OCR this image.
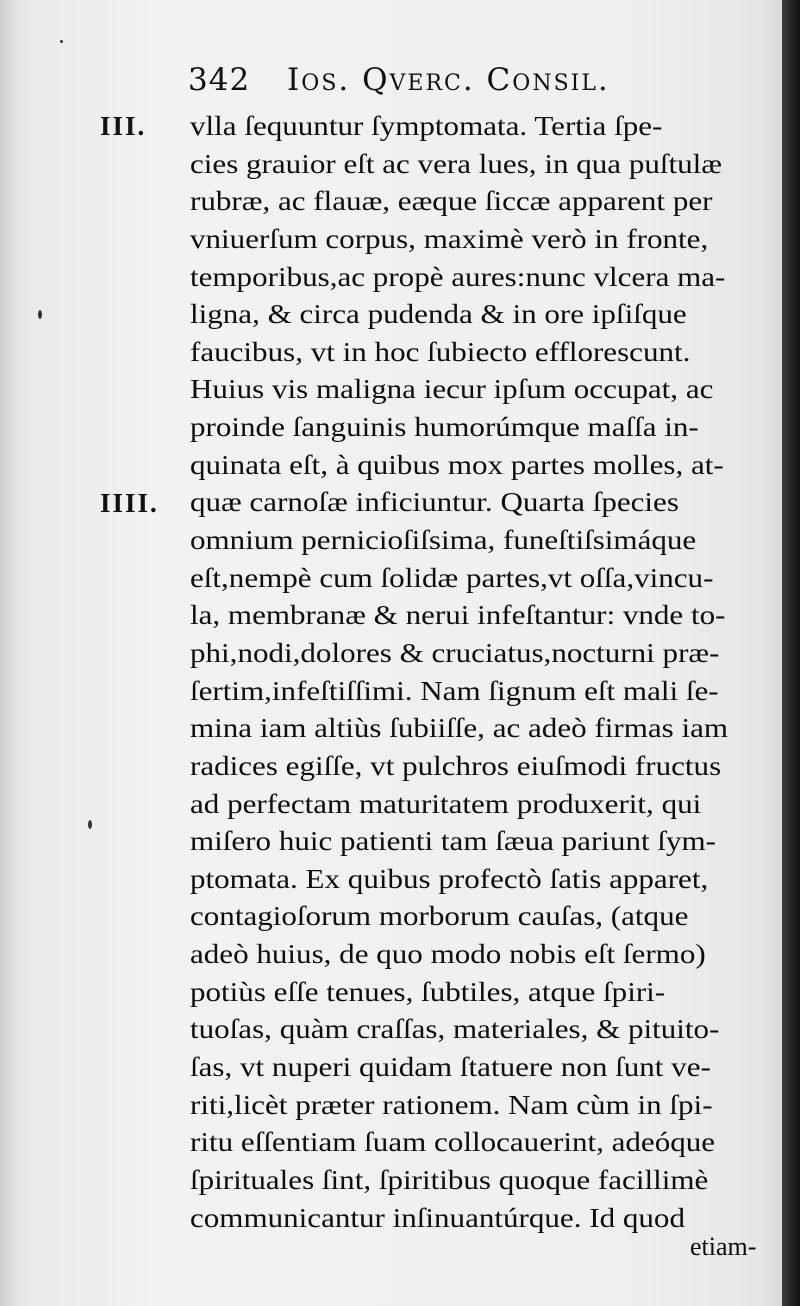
342 Ios. Qverc. Consil.
III.
IIII.
vlla ſequuntur ſymptomata. Tertia ſpe-
cies grauior eſt ac vera lues, in qua puſtulæ
rubræ, ac flauæ, eæque ſiccæ apparent per
vniuerſum corpus, maximè verò in fronte,
temporibus,ac propè aures:nunc vlcera ma-
ligna, & circa pudenda & in ore ipſiſque
faucibus, vt in hoc ſubiecto efflorescunt.
Huius vis maligna iecur ipſum occupat, ac
proinde ſanguinis humorúmque maſſa in-
quinata eſt, à quibus mox partes molles, at-
quæ carnoſæ inficiuntur. Quarta ſpecies
omnium pernicioſiſsima, funeſtiſsimáque
eſt,nempè cum ſolidæ partes,vt oſſa,vincu-
la, membranæ & nerui infeſtantur: vnde to-
phi,nodi,dolores & cruciatus,nocturni præ-
ſertim,infeſtiſſimi. Nam ſignum eſt mali ſe-
mina iam altiùs ſubiiſſe, ac adeò firmas iam
radices egiſſe, vt pulchros eiuſmodi fructus
ad perfectam maturitatem produxerit, qui
miſero huic patienti tam ſæua pariunt ſym-
ptomata. Ex quibus profectò ſatis apparet,
contagioſorum morborum cauſas, (atque
adeò huius, de quo modo nobis eſt ſermo)
potiùs eſſe tenues, ſubtiles, atque ſpiri-
tuoſas, quàm craſſas, materiales, & pituito-
ſas, vt nuperi quidam ſtatuere non ſunt ve-
riti,licèt præter rationem. Nam cùm in ſpi-
ritu eſſentiam ſuam collocauerint, adeóque
ſpirituales ſint, ſpiritibus quoque facillimè
communicantur inſinuantúrque. Id quod
etiam-
